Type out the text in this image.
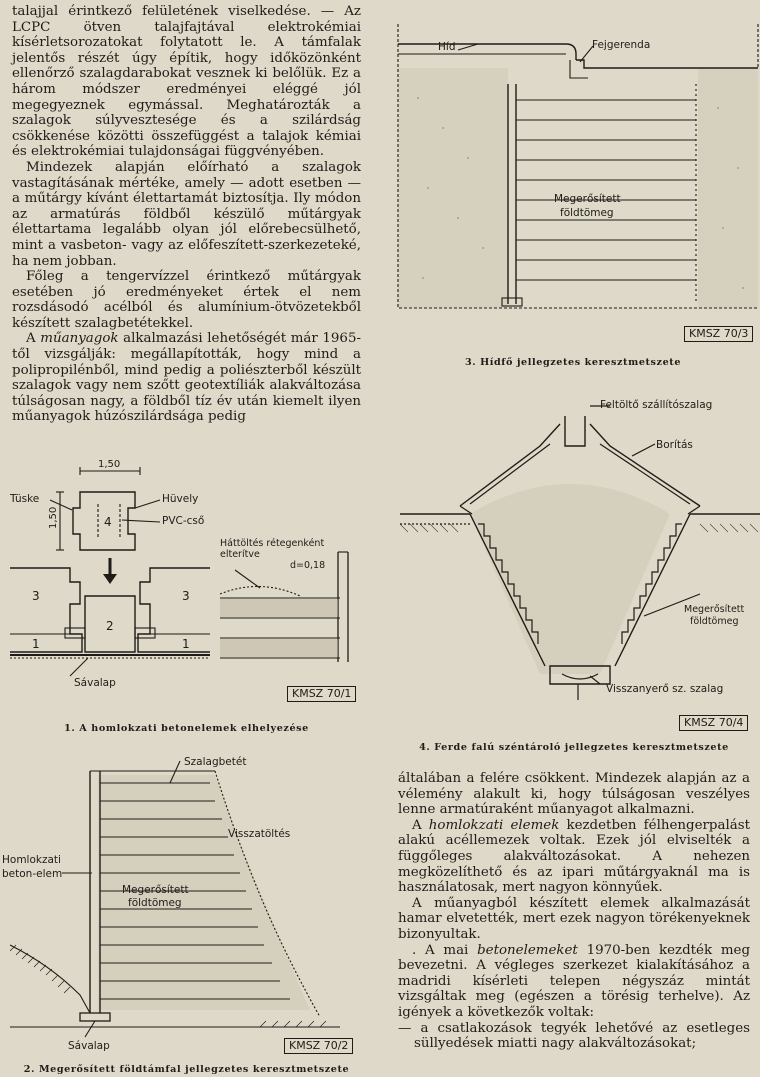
talajjal érintkező felületének viselkedése. — Az LCPC ötven talajfajtával elektrokémiai kísérletsorozatokat folytatott le. A támfalak jelentős részét úgy építik, hogy időközönként ellenőrző szalagdarabokat vesznek ki belőlük. Ez a három módszer eredményei eléggé jól megegyeznek egymással. Meghatározták a szalagok súlyvesztesége és a szilárdság csökkenése közötti összefüggést a talajok kémiai és elektrokémiai tulajdonságai függvényében.

Mindezek alapján előírható a szalagok vastagításának mértéke, amely — adott esetben — a műtárgy kívánt élettartamát biztosítja. Ily módon az armatúrás földből készülő műtárgyak élettartama legalább olyan jól előrebecsülhető, mint a vasbeton- vagy az előfeszített-szerkezeteké, ha nem jobban.

Főleg a tengervízzel érintkező műtárgyak esetében jó eredményeket értek el nem rozsdásodó acélból és alumínium-ötvözetekből készített szalagbetétekkel.

A műanyagok alkalmazási lehetőségét már 1965-től vizsgálják: megállapították, hogy mind a polipropilénből, mind pedig a poliészterből készült szalagok vagy nem szőtt geotextíliák alakváltozása túlságosan nagy, a földből tíz év után kiemelt ilyen műanyagok húzószilárdsága pedig

1,50
1,50
Tüske	Hüvely
PVC-cső
4
3	3
2
1	1
Sávalap
Háttöltés rétegenként
elterítve
d=0,18
KMSZ 70/1
1. A homlokzati betonelemek elhelyezése
Szalagbetét
Visszatöltés
Homlokzati
beton-elem
Megerősített
földtömeg
Sávalap	KMSZ 70/2
2. Megerősített földtámfal jellegzetes keresztmetszete
Híd	Fejgerenda
Megerősített
földtömeg
KMSZ 70/3
3. Hídfő jellegzetes keresztmetszete
Feltöltő szállítószalag
Borítás
Megerősített
földtömeg
Visszanyerő sz. szalag
KMSZ 70/4
4. Ferde falú széntároló jellegzetes keresztmetszete

általában a felére csökkent. Mindezek alapján az a vélemény alakult ki, hogy túlságosan veszélyes lenne armatúraként műanyagot alkalmazni.

A homlokzati elemek kezdetben félhengerpalást alakú acéllemezek voltak. Ezek jól elviselték a függőleges alakváltozásokat. A nehezen megközelíthető és az ipari műtárgyaknál ma is használatosak, mert nagyon könnyűek.

A műanyagból készített elemek alkalmazását hamar elvetették, mert ezek nagyon törékenyeknek bizonyultak.

. A mai betonelemeket 1970-ben kezdték meg bevezetni. A végleges szerkezet kialakításához a madridi kísérleti telepen négyszáz mintát vizsgáltak meg (egészen a törésig terhelve). Az igények a következők voltak:

— a csatlakozások tegyék lehetővé az esetleges süllyedések miatti nagy alakváltozásokat;
